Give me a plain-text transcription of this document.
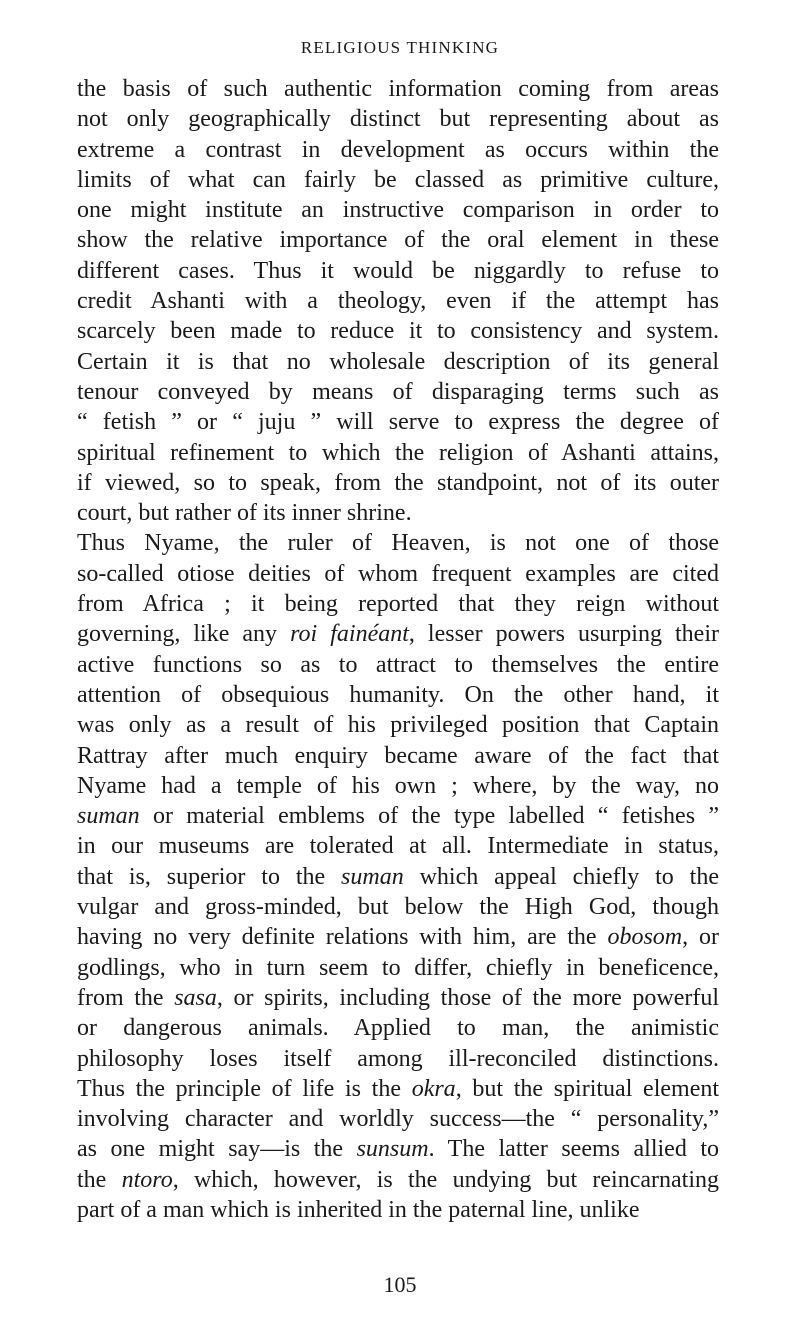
RELIGIOUS THINKING
the basis of such authentic information coming from areas
not only geographically distinct but representing about as
extreme a contrast in development as occurs within the
limits of what can fairly be classed as primitive culture,
one might institute an instructive comparison in order to
show the relative importance of the oral element in these
different cases. Thus it would be niggardly to refuse to
credit Ashanti with a theology, even if the attempt has
scarcely been made to reduce it to consistency and system.
Certain it is that no wholesale description of its general
tenour conveyed by means of disparaging terms such as
“ fetish ” or “ juju ” will serve to express the degree of
spiritual refinement to which the religion of Ashanti attains,
if viewed, so to speak, from the standpoint, not of its outer
court, but rather of its inner shrine.
Thus Nyame, the ruler of Heaven, is not one of those
so-called otiose deities of whom frequent examples are cited
from Africa ; it being reported that they reign without
governing, like any roi fainéant, lesser powers usurping their
active functions so as to attract to themselves the entire
attention of obsequious humanity. On the other hand, it
was only as a result of his privileged position that Captain
Rattray after much enquiry became aware of the fact that
Nyame had a temple of his own ; where, by the way, no
suman or material emblems of the type labelled “ fetishes ”
in our museums are tolerated at all. Intermediate in status,
that is, superior to the suman which appeal chiefly to the
vulgar and gross-minded, but below the High God, though
having no very definite relations with him, are the obosom, or
godlings, who in turn seem to differ, chiefly in beneficence,
from the sasa, or spirits, including those of the more powerful
or dangerous animals. Applied to man, the animistic
philosophy loses itself among ill-reconciled distinctions.
Thus the principle of life is the okra, but the spiritual element
involving character and worldly success—the “ personality,”
as one might say—is the sunsum. The latter seems allied to
the ntoro, which, however, is the undying but reincarnating
part of a man which is inherited in the paternal line, unlike
105
